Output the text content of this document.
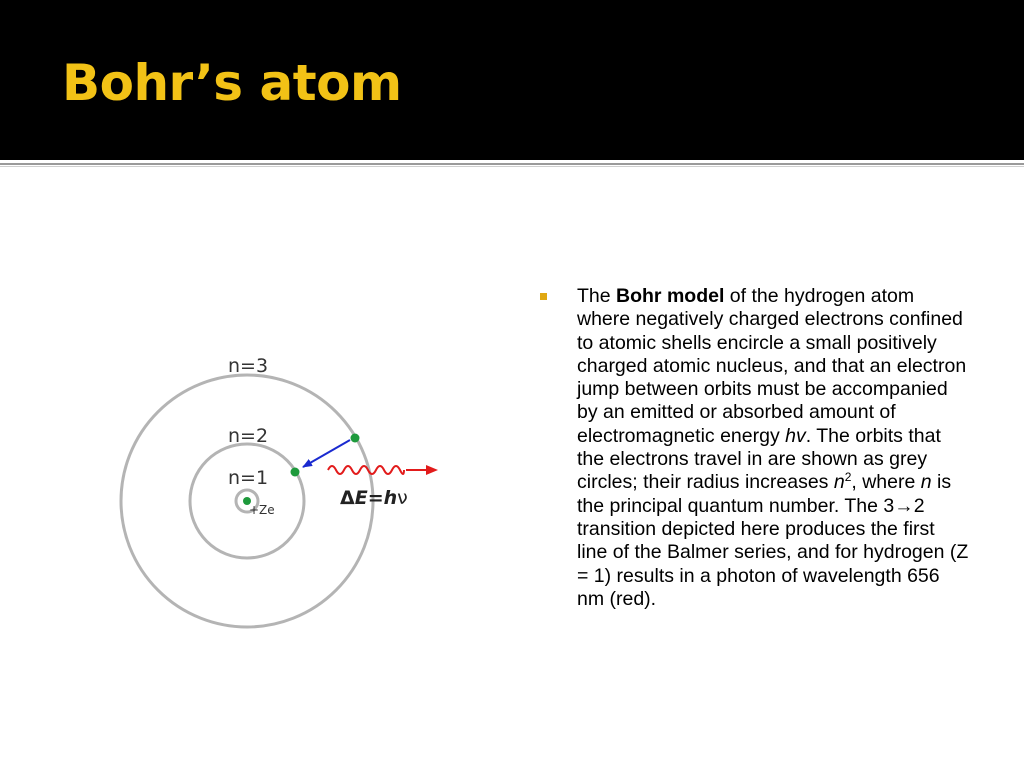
Bohr’s atom
n=3
n=2
n=1
+Ze
ΔE=hν
The Bohr model of the hydrogen atom where negatively charged electrons confined to atomic shells encircle a small positively charged atomic nucleus, and that an electron jump between orbits must be accompanied by an emitted or absorbed amount of electromagnetic energy hv. The orbits that the electrons travel in are shown as grey circles; their radius increases $n^2$, where n is the principal quantum number. The 3→2 transition depicted here produces the first line of the Balmer series, and for hydrogen (Z = 1) results in a photon of wavelength 656 nm (red).
